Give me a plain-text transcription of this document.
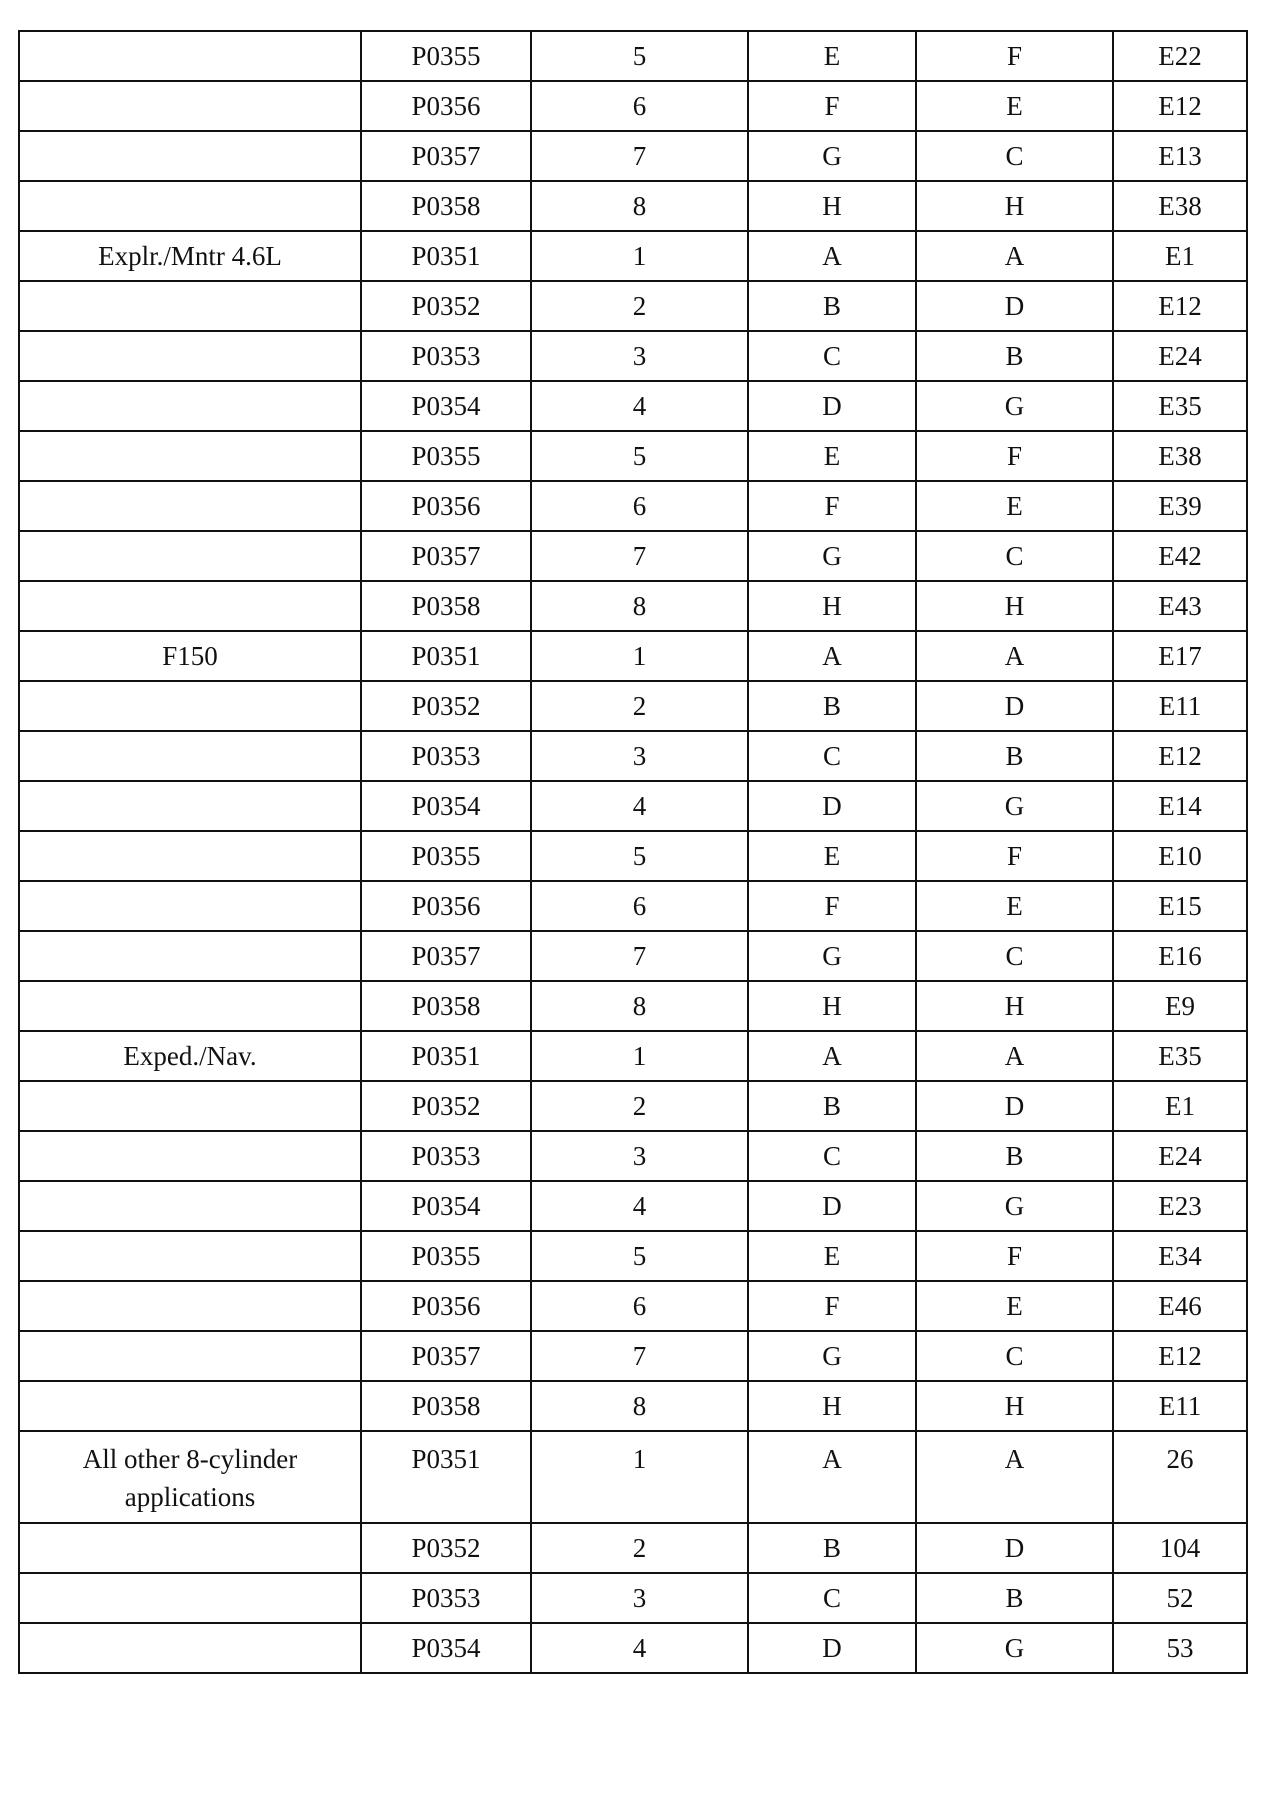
	P0355	5	E	F	E22
	P0356	6	F	E	E12
	P0357	7	G	C	E13
	P0358	8	H	H	E38
Explr./Mntr 4.6L	P0351	1	A	A	E1
	P0352	2	B	D	E12
	P0353	3	C	B	E24
	P0354	4	D	G	E35
	P0355	5	E	F	E38
	P0356	6	F	E	E39
	P0357	7	G	C	E42
	P0358	8	H	H	E43
F150	P0351	1	A	A	E17
	P0352	2	B	D	E11
	P0353	3	C	B	E12
	P0354	4	D	G	E14
	P0355	5	E	F	E10
	P0356	6	F	E	E15
	P0357	7	G	C	E16
	P0358	8	H	H	E9
Exped./Nav.	P0351	1	A	A	E35
	P0352	2	B	D	E1
	P0353	3	C	B	E24
	P0354	4	D	G	E23
	P0355	5	E	F	E34
	P0356	6	F	E	E46
	P0357	7	G	C	E12
	P0358	8	H	H	E11
All other 8-cylinder applications	P0351	1	A	A	26
	P0352	2	B	D	104
	P0353	3	C	B	52
	P0354	4	D	G	53
